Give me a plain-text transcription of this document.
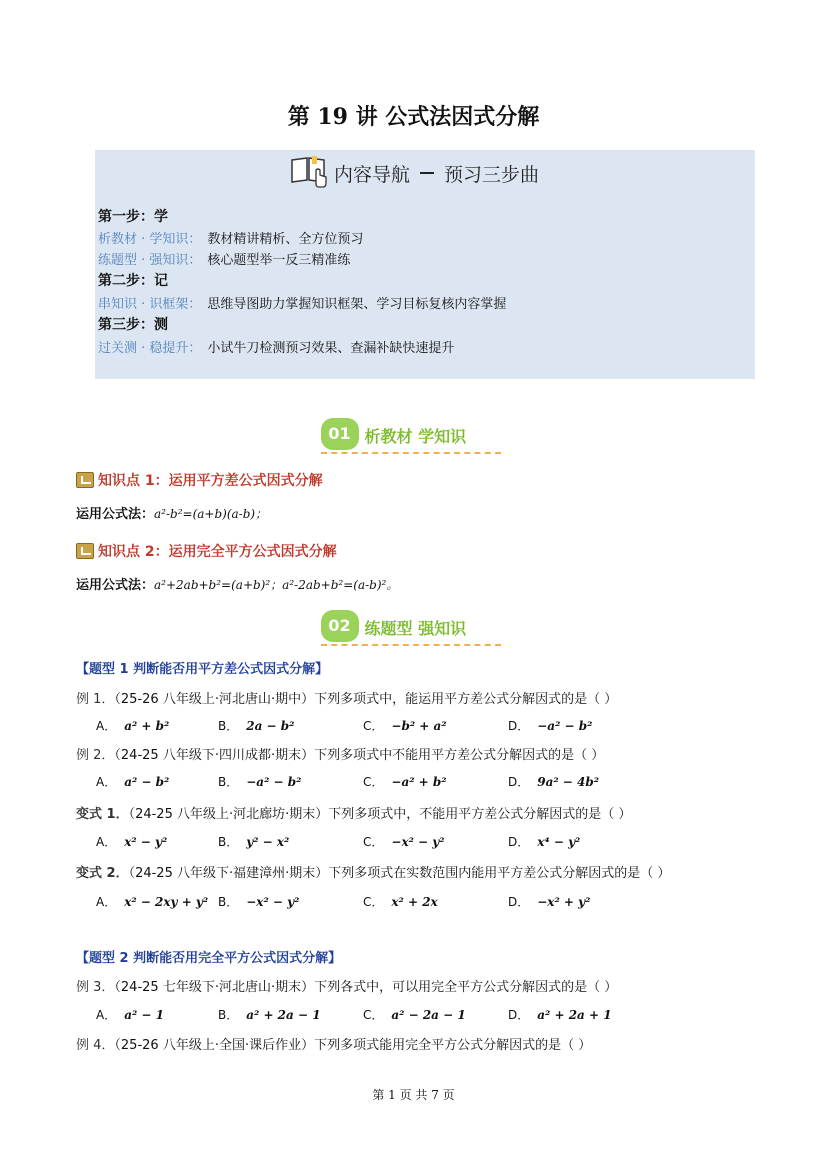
第 19 讲 公式法因式分解
内容导航 预习三步曲
第一步：学
析教材 · 学知识： 教材精讲精析、全方位预习
练题型 · 强知识： 核心题型举一反三精准练
第二步：记
串知识 · 识框架： 思维导图助力掌握知识框架、学习目标复核内容掌握
第三步：测
过关测 · 稳提升： 小试牛刀检测预习效果、查漏补缺快速提升
01 析教材 学知识
知识点 1：运用平方差公式因式分解
运用公式法：a²-b²=(a+b)(a-b)；
知识点 2：运用完全平方公式因式分解
运用公式法：a²+2ab+b²=(a+b)²；a²-2ab+b²=(a-b)²。
02 练题型 强知识
【题型 1 判断能否用平方差公式因式分解】
例 1．（25-26 八年级上·河北唐山·期中）下列多项式中，能运用平方差公式分解因式的是（ ）
A． a² + b²	B． 2a − b²	C． −b² + a²	D． −a² − b²
例 2．（24-25 八年级下·四川成都·期末）下列多项式中不能用平方差公式分解因式的是（ ）
A． a² − b²	B． −a² − b²	C． −a² + b²	D． 9a² − 4b²
变式 1．（24-25 八年级上·河北廊坊·期末）下列多项式中，不能用平方差公式分解因式的是（ ）
A． x² − y²	B． y² − x²	C． −x² − y²	D． x⁴ − y²
变式 2．（24-25 八年级下·福建漳州·期末）下列多项式在实数范围内能用平方差公式分解因式的是（ ）
A． x² − 2xy + y² B． −x² − y²	C． x² + 2x	D． −x² + y²
【题型 2 判断能否用完全平方公式因式分解】
例 3．（24-25 七年级下·河北唐山·期末）下列各式中，可以用完全平方公式分解因式的是（ ）
A． a² − 1	B． a² + 2a − 1	C． a² − 2a − 1	D． a² + 2a + 1
例 4．（25-26 八年级上·全国·课后作业）下列多项式能用完全平方公式分解因式的是（ ）
第 1 页 共 7 页
